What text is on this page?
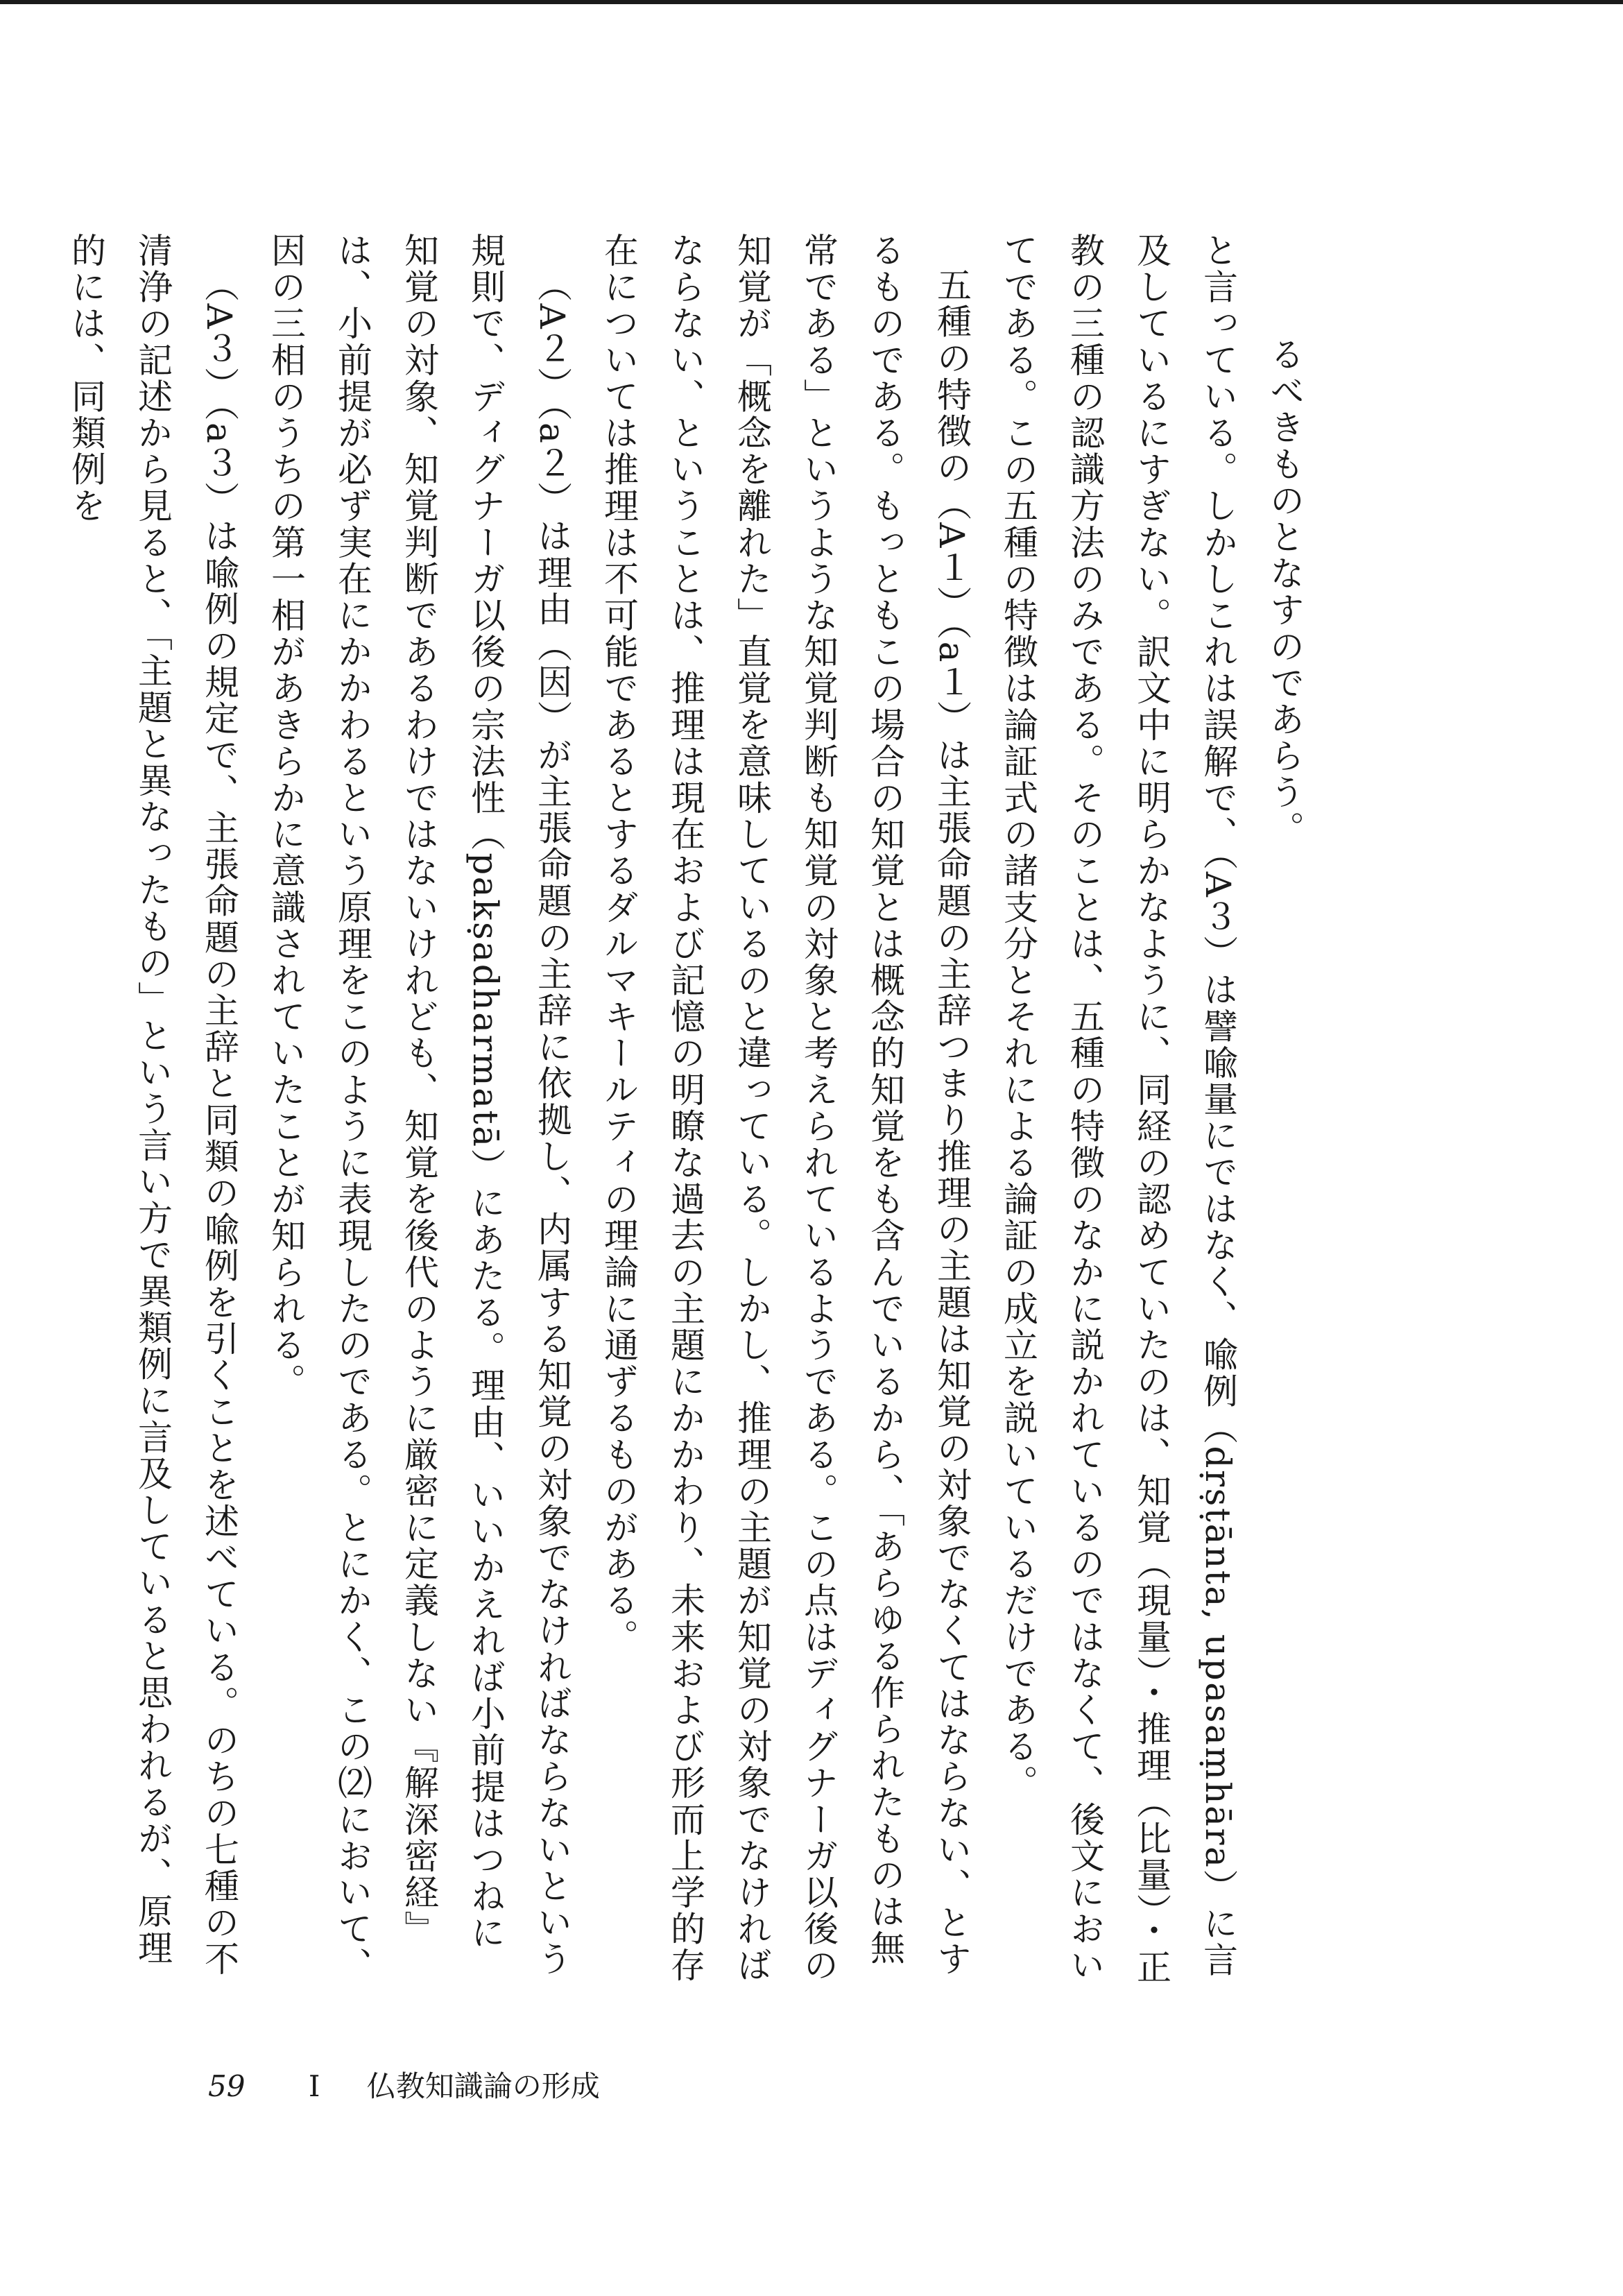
るべきものとなすのであらう。

と言っている。しかしこれは誤解で、（A３）は譬喩量にではなく、喩例（dṛṣṭānta, upasaṃhāra）に言及しているにすぎない。訳文中に明らかなように、同経の認めていたのは、知覚（現量）・推理（比量）・正教の三種の認識方法のみである。そのことは、五種の特徴のなかに説かれているのではなくて、後文においてである。この五種の特徴は論証式の諸支分とそれによる論証の成立を説いているだけである。

五種の特徴の（A１）（a１）は主張命題の主辞つまり推理の主題は知覚の対象でなくてはならない、とするものである。もっともこの場合の知覚とは概念的知覚をも含んでいるから、「あらゆる作られたものは無常である」というような知覚判断も知覚の対象と考えられているようである。この点はディグナーガ以後の知覚が「概念を離れた」直覚を意味しているのと違っている。しかし、推理の主題が知覚の対象でなければならない、ということは、推理は現在および記憶の明瞭な過去の主題にかかわり、未来および形而上学的存在については推理は不可能であるとするダルマキールティの理論に通ずるものがある。

（A２）（a２）は理由（因）が主張命題の主辞に依拠し、内属する知覚の対象でなければならないという規則で、ディグナーガ以後の宗法性（pakṣadharmatā）にあたる。理由、いいかえれば小前提はつねに知覚の対象、知覚判断であるわけではないけれども、知覚を後代のように厳密に定義しない『解深密経』は、小前提が必ず実在にかかわるという原理をこのように表現したのである。とにかく、この⑵において、因の三相のうちの第一相があきらかに意識されていたことが知られる。

（A３）（a３）は喩例の規定で、主張命題の主辞と同類の喩例を引くことを述べている。のちの七種の不清浄の記述から見ると、「主題と異なったもの」という言い方で異類例に言及していると思われるが、原理的には、同類例を

59 I 仏教知識論の形成
